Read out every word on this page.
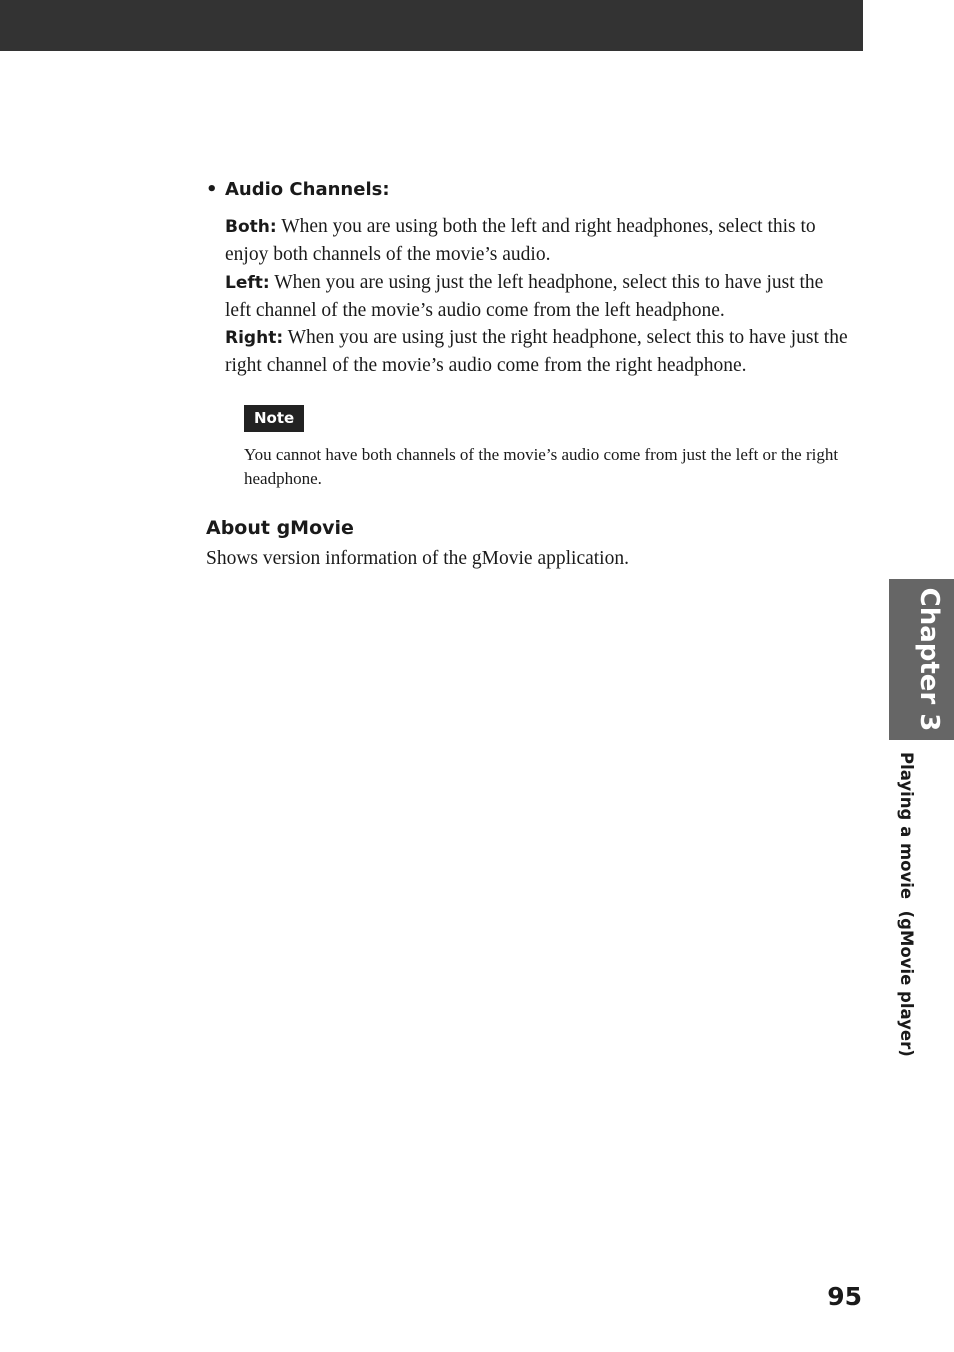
• Audio Channels:
Both: When you are using both the left and right headphones, select this to enjoy both channels of the movie’s audio.
Left: When you are using just the left headphone, select this to have just the left channel of the movie’s audio come from the left headphone.
Right: When you are using just the right headphone, select this to have just the right channel of the movie’s audio come from the right headphone.
Note
You cannot have both channels of the movie’s audio come from just the left or the right headphone.
About gMovie
Shows version information of the gMovie application.
Chapter 3
Playing a movie  (gMovie player)
95
